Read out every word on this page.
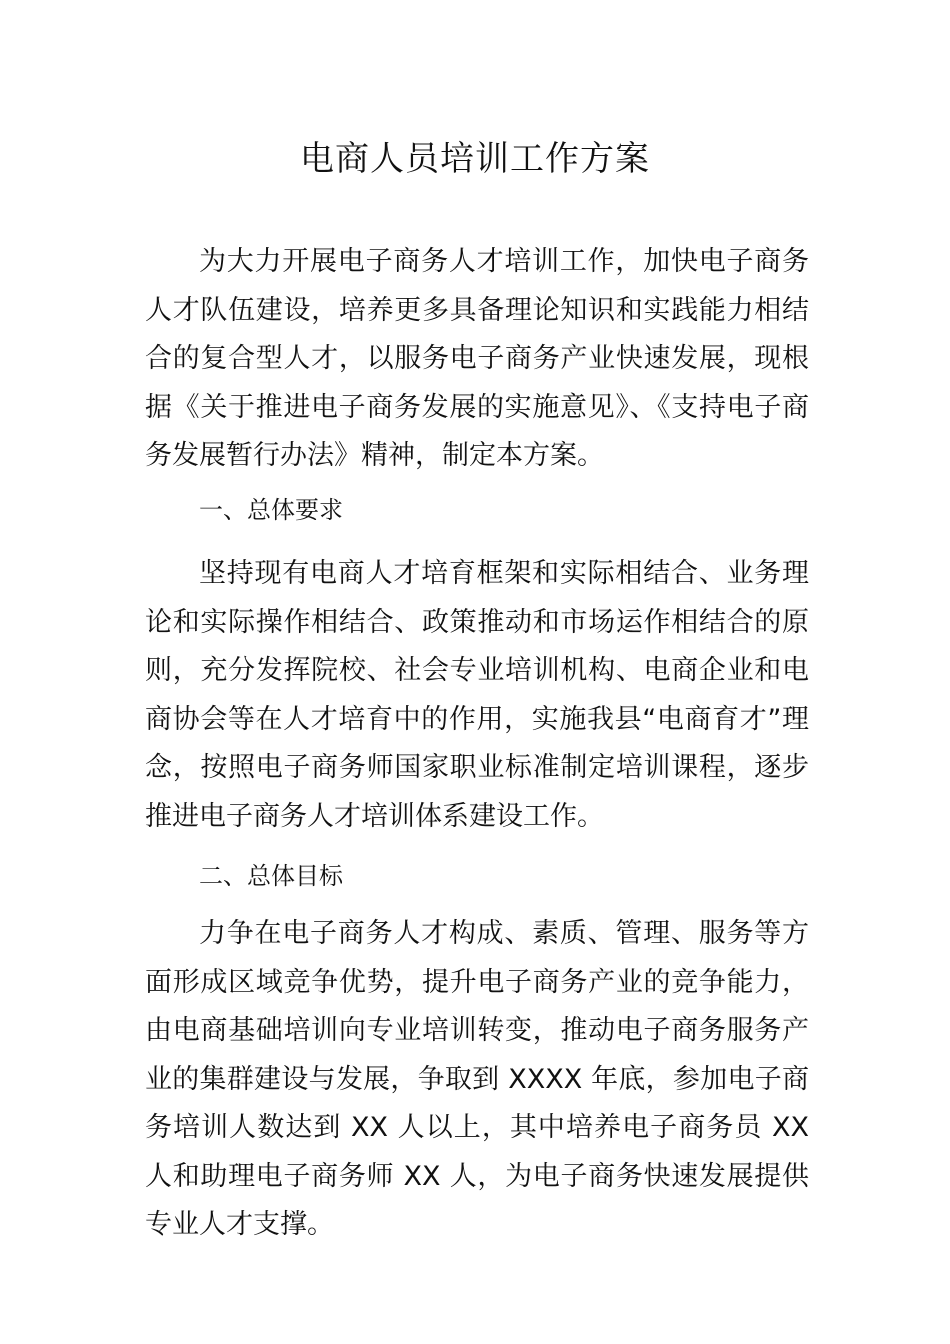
电商人员培训工作方案

为大力开展电子商务人才培训工作，加快电子商务人才队伍建设，培养更多具备理论知识和实践能力相结合的复合型人才，以服务电子商务产业快速发展，现根据《关于推进电子商务发展的实施意见》、《支持电子商务发展暂行办法》精神，制定本方案。

一、总体要求

坚持现有电商人才培育框架和实际相结合、业务理论和实际操作相结合、政策推动和市场运作相结合的原则，充分发挥院校、社会专业培训机构、电商企业和电商协会等在人才培育中的作用，实施我县“电商育才”理念，按照电子商务师国家职业标准制定培训课程，逐步推进电子商务人才培训体系建设工作。

二、总体目标

力争在电子商务人才构成、素质、管理、服务等方面形成区域竞争优势，提升电子商务产业的竞争能力，由电商基础培训向专业培训转变，推动电子商务服务产业的集群建设与发展，争取到 XXXX 年底，参加电子商务培训人数达到 XX 人以上，其中培养电子商务员 XX 人和助理电子商务师 XX 人，为电子商务快速发展提供专业人才支撑。
